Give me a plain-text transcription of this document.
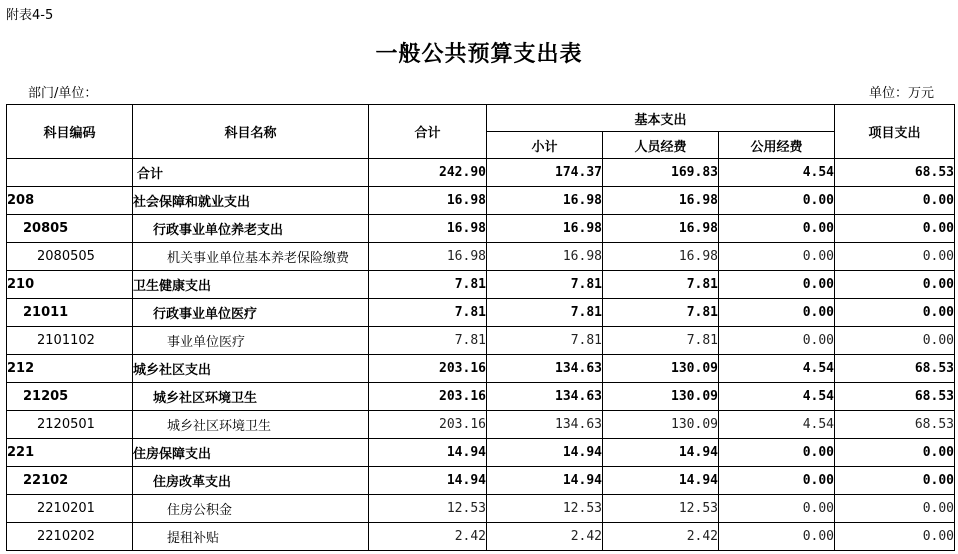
附表4-5
一般公共预算支出表
部门/单位：	单位：万元
科目编码	科目名称	合计	基本支出			项目支出
			小计	人员经费	公用经费	
	合计	242.90	174.37	169.83	4.54	68.53
208	社会保障和就业支出	16.98	16.98	16.98	0.00	0.00
20805	行政事业单位养老支出	16.98	16.98	16.98	0.00	0.00
2080505	机关事业单位基本养老保险缴费	16.98	16.98	16.98	0.00	0.00
210	卫生健康支出	7.81	7.81	7.81	0.00	0.00
21011	行政事业单位医疗	7.81	7.81	7.81	0.00	0.00
2101102	事业单位医疗	7.81	7.81	7.81	0.00	0.00
212	城乡社区支出	203.16	134.63	130.09	4.54	68.53
21205	城乡社区环境卫生	203.16	134.63	130.09	4.54	68.53
2120501	城乡社区环境卫生	203.16	134.63	130.09	4.54	68.53
221	住房保障支出	14.94	14.94	14.94	0.00	0.00
22102	住房改革支出	14.94	14.94	14.94	0.00	0.00
2210201	住房公积金	12.53	12.53	12.53	0.00	0.00
2210202	提租补贴	2.42	2.42	2.42	0.00	0.00
